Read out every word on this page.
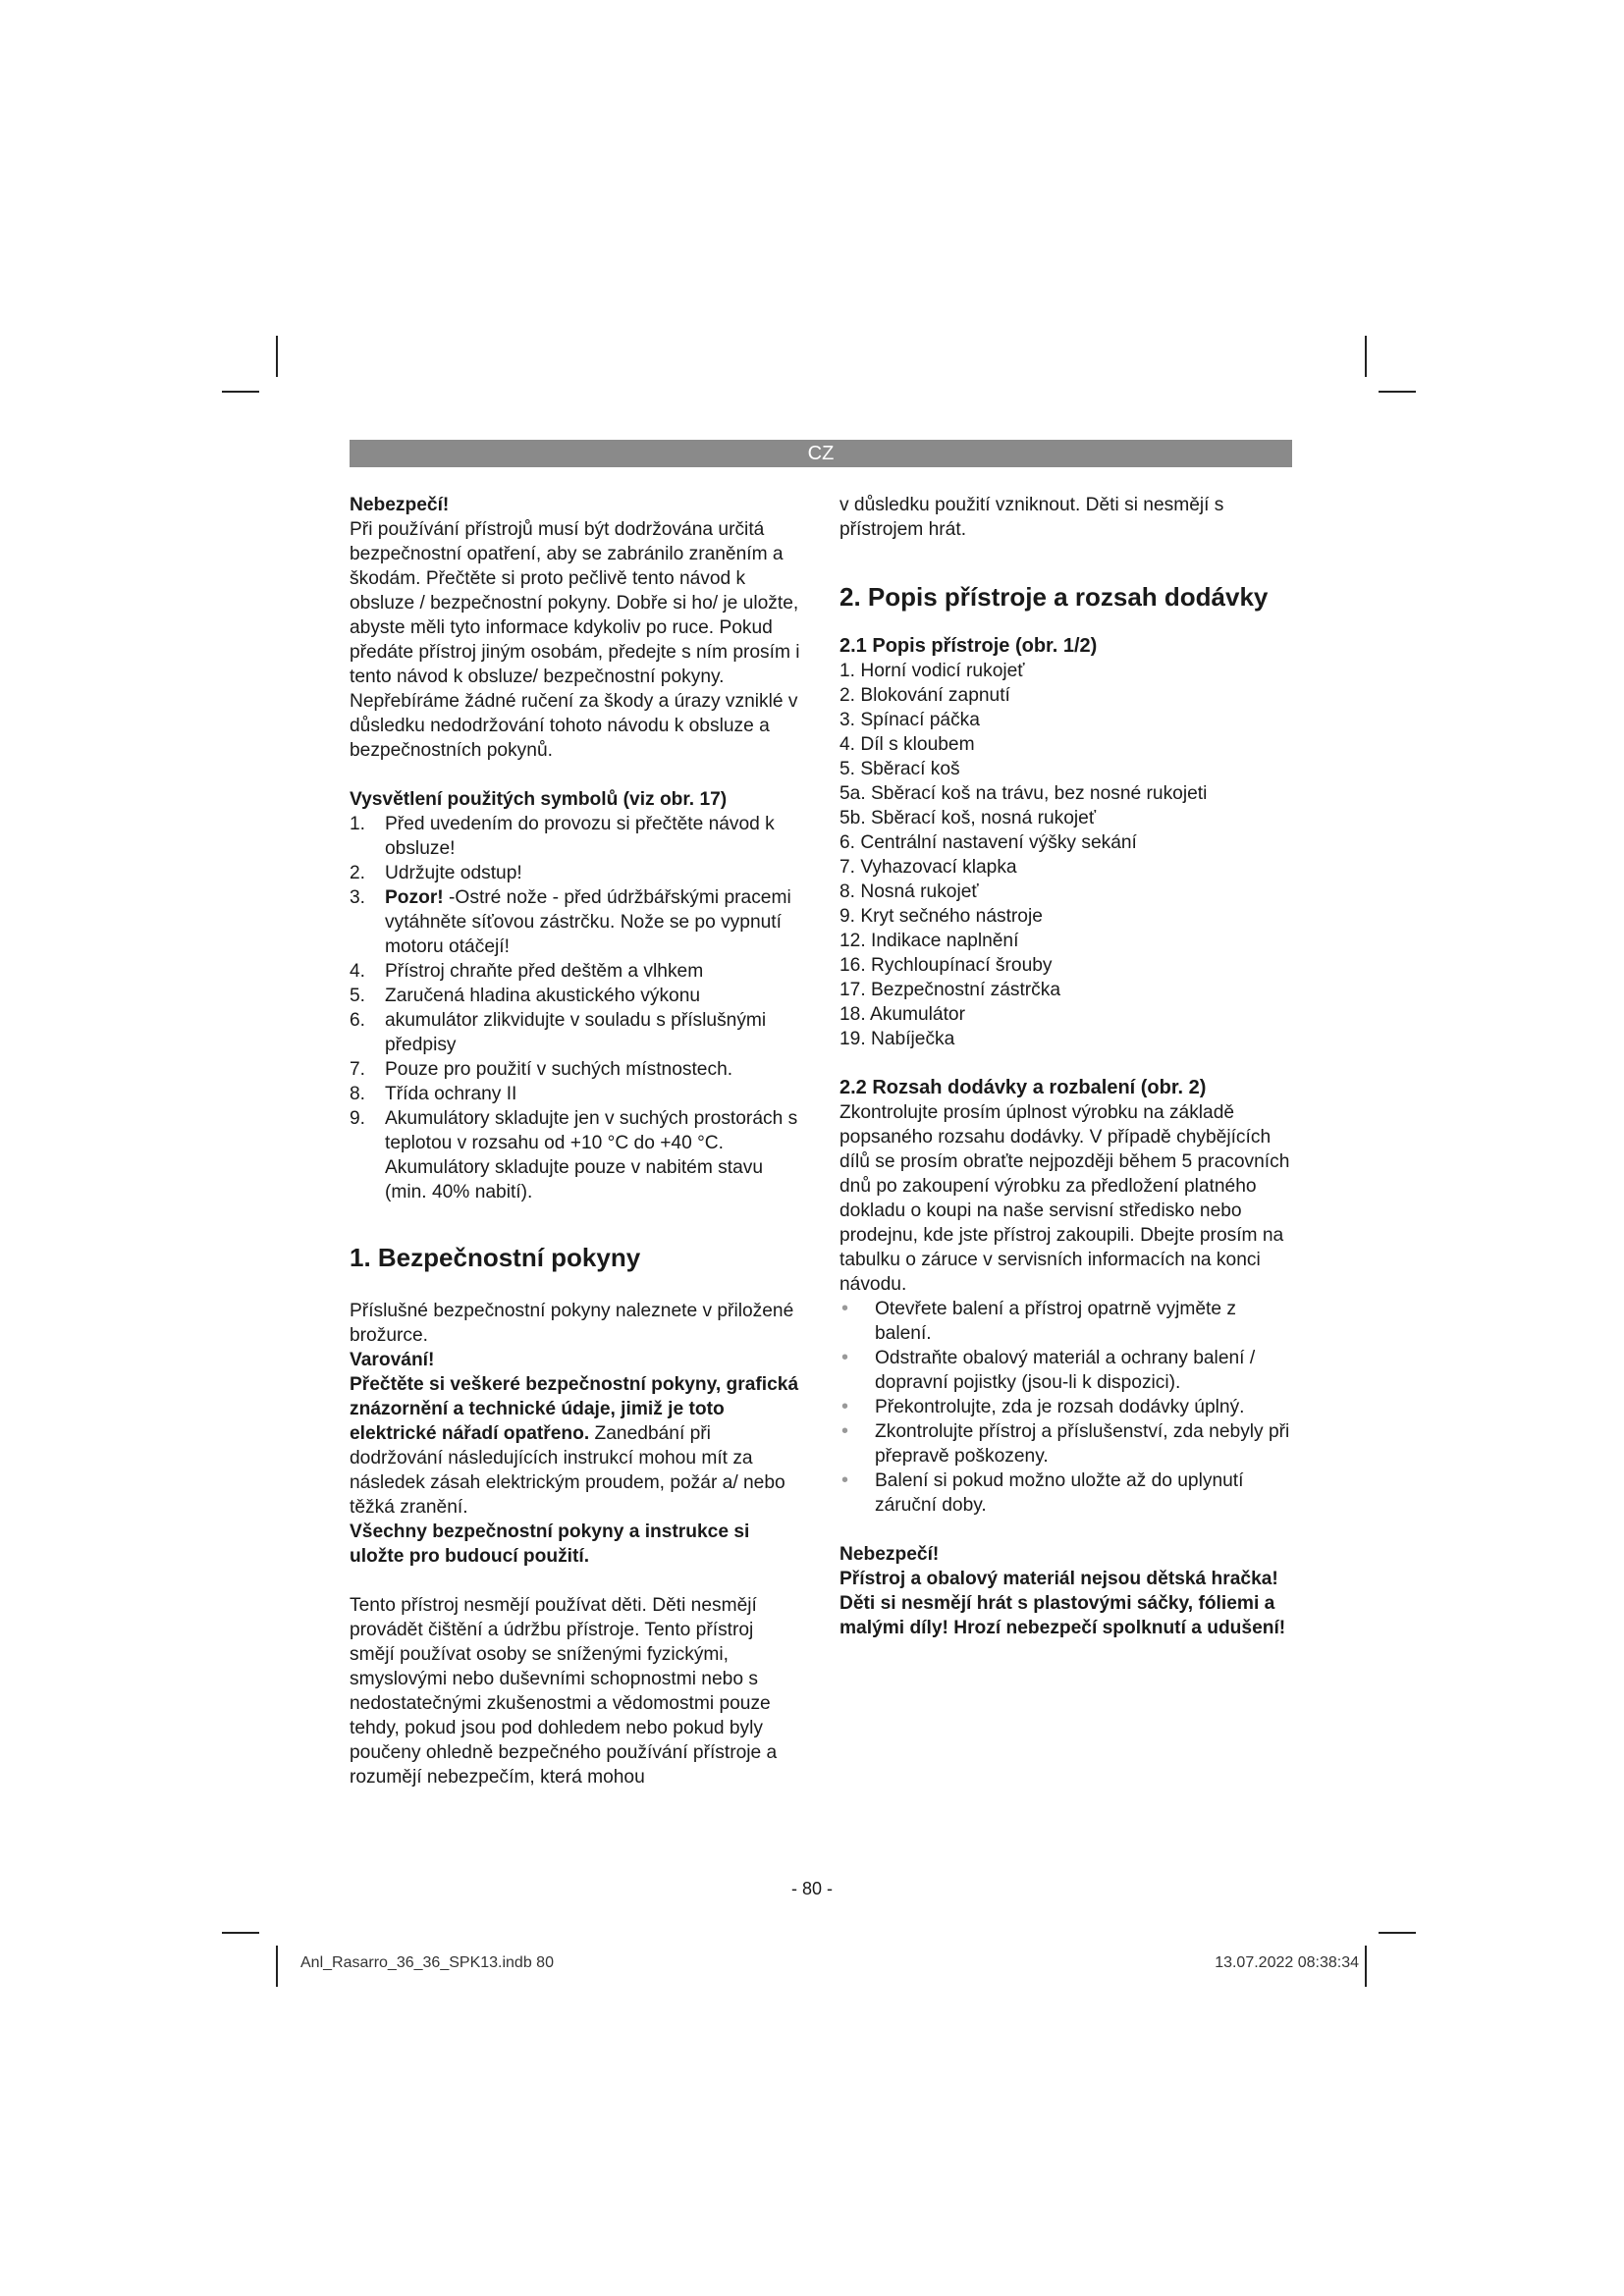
CZ

Nebezpečí!

Při používání přístrojů musí být dodržována určitá bezpečnostní opatření, aby se zabránilo zraněním a škodám. Přečtěte si proto pečlivě tento návod k obsluze / bezpečnostní pokyny. Dobře si ho/ je uložte, abyste měli tyto informace kdykoliv po ruce. Pokud předáte přístroj jiným osobám, předejte s ním prosím i tento návod k obsluze/ bezpečnostní pokyny. Nepřebíráme žádné ručení za škody a úrazy vzniklé v důsledku nedodržování tohoto návodu k obsluze a bezpečnostních pokynů.

Vysvětlení použitých symbolů (viz obr. 17)

1. Před uvedením do provozu si přečtěte návod k obsluze!
2. Udržujte odstup!
3. Pozor! -Ostré nože - před údržbářskými pracemi vytáhněte síťovou zástrčku. Nože se po vypnutí motoru otáčejí!
4. Přístroj chraňte před deštěm a vlhkem
5. Zaručená hladina akustického výkonu
6. akumulátor zlikvidujte v souladu s příslušnými předpisy
7. Pouze pro použití v suchých místnostech.
8. Třída ochrany II
9. Akumulátory skladujte jen v suchých prostorách s teplotou v rozsahu od +10 °C do +40 °C. Akumulátory skladujte pouze v nabitém stavu (min. 40% nabití).

1. Bezpečnostní pokyny

Příslušné bezpečnostní pokyny naleznete v přiložené brožurce.

Varování!

Přečtěte si veškeré bezpečnostní pokyny, grafická znázornění a technické údaje, jimiž je toto elektrické nářadí opatřeno. Zanedbání při dodržování následujících instrukcí mohou mít za následek zásah elektrickým proudem, požár a/ nebo těžká zranění.

Všechny bezpečnostní pokyny a instrukce si uložte pro budoucí použití.

Tento přístroj nesmějí používat děti. Děti nesmějí provádět čištění a údržbu přístroje. Tento přístroj smějí používat osoby se sníženými fyzickými, smyslovými nebo duševními schopnostmi nebo s nedostatečnými zkušenostmi a vědomostmi pouze tehdy, pokud jsou pod dohledem nebo pokud byly poučeny ohledně bezpečného používání přístroje a rozumějí nebezpečím, která mohou

v důsledku použití vzniknout. Děti si nesmějí s přístrojem hrát.

2. Popis přístroje a rozsah dodávky

2.1 Popis přístroje (obr. 1/2)

1. Horní vodicí rukojeť
2. Blokování zapnutí
3. Spínací páčka
4. Díl s kloubem
5. Sběrací koš
5a. Sběrací koš na trávu, bez nosné rukojeti
5b. Sběrací koš, nosná rukojeť
6. Centrální nastavení výšky sekání
7. Vyhazovací klapka
8. Nosná rukojeť
9. Kryt sečného nástroje
12. Indikace naplnění
16. Rychloupínací šrouby
17. Bezpečnostní zástrčka
18. Akumulátor
19. Nabíječka

2.2 Rozsah dodávky a rozbalení (obr. 2)

Zkontrolujte prosím úplnost výrobku na základě popsaného rozsahu dodávky. V případě chybějících dílů se prosím obraťte nejpozději během 5 pracovních dnů po zakoupení výrobku za předložení platného dokladu o koupi na naše servisní středisko nebo prodejnu, kde jste přístroj zakoupili. Dbejte prosím na tabulku o záruce v servisních informacích na konci návodu.

• Otevřete balení a přístroj opatrně vyjměte z balení.
• Odstraňte obalový materiál a ochrany balení / dopravní pojistky (jsou-li k dispozici).
• Překontrolujte, zda je rozsah dodávky úplný.
• Zkontrolujte přístroj a příslušenství, zda nebyly při přepravě poškozeny.
• Balení si pokud možno uložte až do uplynutí záruční doby.

Nebezpečí!

Přístroj a obalový materiál nejsou dětská hračka! Děti si nesmějí hrát s plastovými sáčky, fóliemi a malými díly! Hrozí nebezpečí spolknutí a udušení!

- 80 -
Anl_Rasarro_36_36_SPK13.indb 80	13.07.2022 08:38:34
